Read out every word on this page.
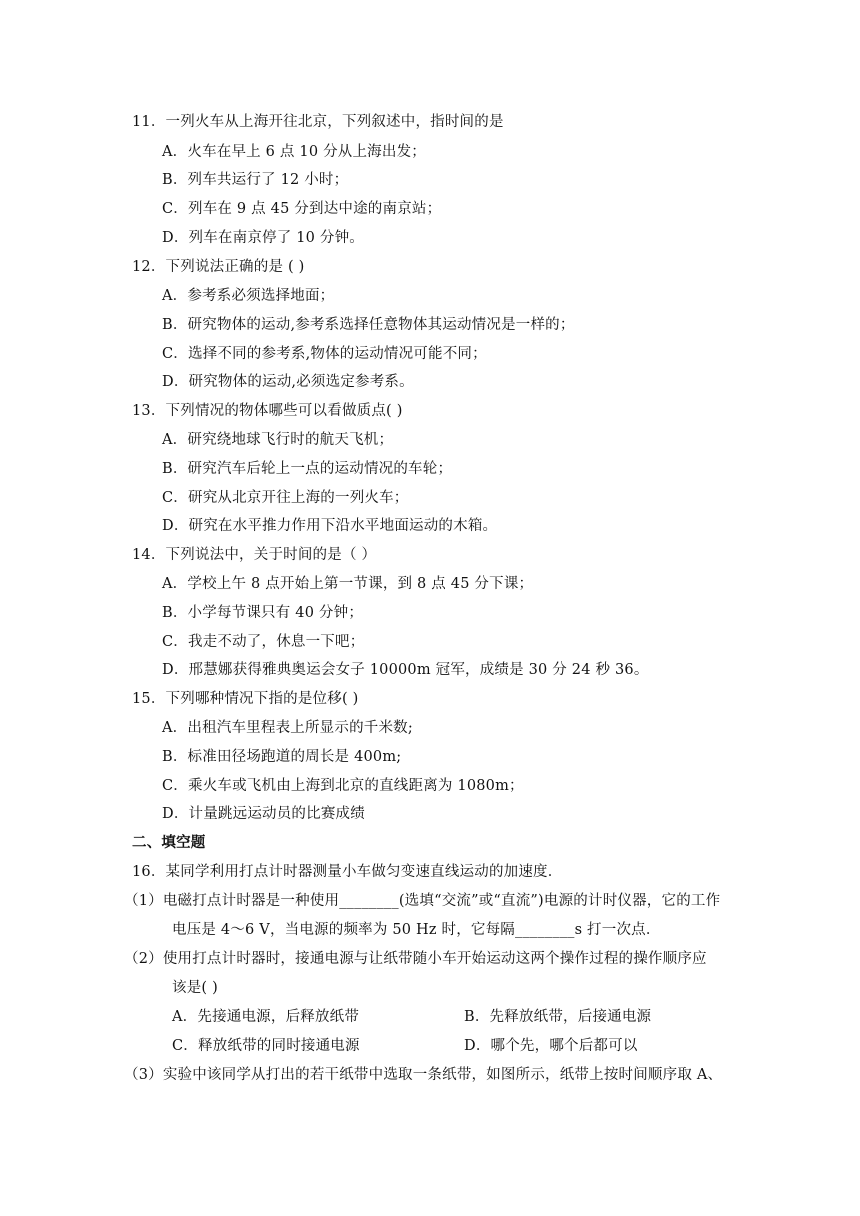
11．一列火车从上海开往北京，下列叙述中，指时间的是
A．火车在早上 6 点 10 分从上海出发；
B．列车共运行了 12 小时；
C．列车在 9 点 45 分到达中途的南京站；
D．列车在南京停了 10 分钟。
12．下列说法正确的是 ( )
A．参考系必须选择地面；
B．研究物体的运动,参考系选择任意物体其运动情况是一样的；
C．选择不同的参考系,物体的运动情况可能不同；
D．研究物体的运动,必须选定参考系。
13．下列情况的物体哪些可以看做质点( )
A．研究绕地球飞行时的航天飞机；
B．研究汽车后轮上一点的运动情况的车轮；
C．研究从北京开往上海的一列火车；
D．研究在水平推力作用下沿水平地面运动的木箱。
14．下列说法中，关于时间的是（ ）
A．学校上午 8 点开始上第一节课，到 8 点 45 分下课；
B．小学每节课只有 40 分钟；
C．我走不动了，休息一下吧；
D．邢慧娜获得雅典奥运会女子 10000m 冠军，成绩是 30 分 24 秒 36。
15．下列哪种情况下指的是位移( )
A．出租汽车里程表上所显示的千米数;
B．标准田径场跑道的周长是 400m;
C．乘火车或飞机由上海到北京的直线距离为 1080m；
D．计量跳远运动员的比赛成绩
二、填空题
16．某同学利用打点计时器测量小车做匀变速直线运动的加速度．
（1）电磁打点计时器是一种使用________(选填“交流”或“直流”)电源的计时仪器，它的工作
电压是 4～6 V，当电源的频率为 50 Hz 时，它每隔________s 打一次点．
（2）使用打点计时器时，接通电源与让纸带随小车开始运动这两个操作过程的操作顺序应
该是( )
A．先接通电源，后释放纸带	B．先释放纸带，后接通电源
C．释放纸带的同时接通电源	D．哪个先，哪个后都可以
（3）实验中该同学从打出的若干纸带中选取一条纸带，如图所示，纸带上按时间顺序取 A、
